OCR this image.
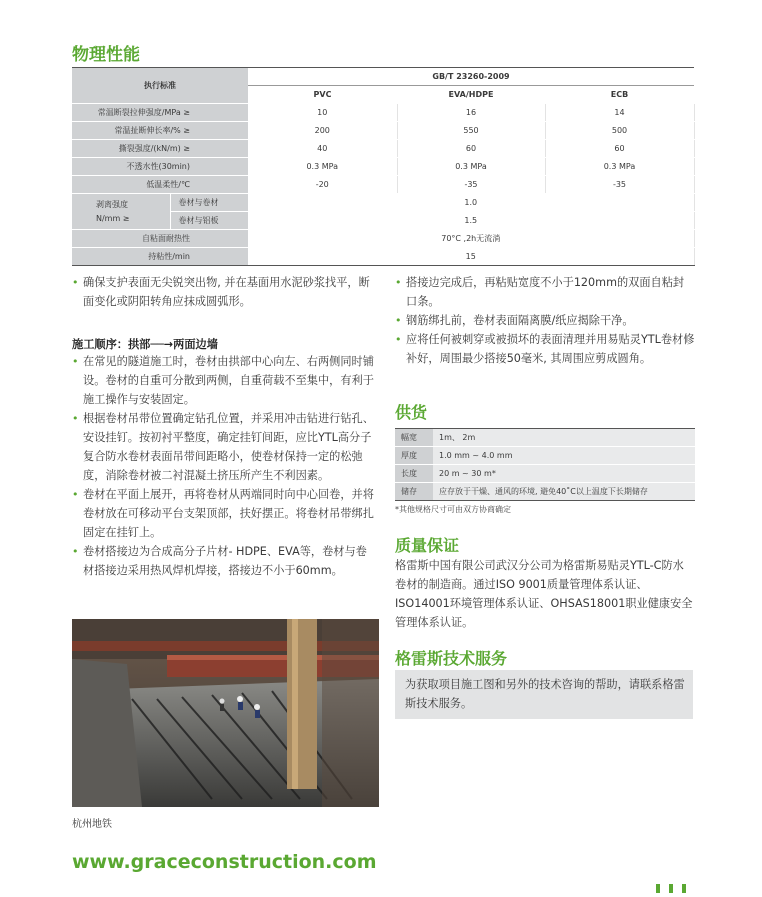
物理性能
执行标准		GB/T 23260-2009		
		PVC	EVA/HDPE	ECB
常温断裂拉伸强度/MPa ≥		10	16	14
常温扯断伸长率/% ≥		200	550	500
撕裂强度/(kN/m) ≥		40	60	60
不透水性(30min)		0.3 MPa	0.3 MPa	0.3 MPa
低温柔性/℃		-20	-35	-35

剥离强度
N/mm ≥	卷材与卷材	1.0		
	卷材与铝板	1.5		
自粘面耐热性		70°C ,2h无流淌		
持粘性/min		15		
• 确保支护表面无尖锐突出物, 并在基面用水泥砂浆找平，断面变化或阴阳转角应抹成圆弧形。
施工顺序：拱部──→两面边墙
• 在常见的隧道施工时，卷材由拱部中心向左、右两侧同时铺设。卷材的自重可分散到两侧，自重荷载不至集中，有利于施工操作与安装固定。
• 根据卷材吊带位置确定钻孔位置，并采用冲击钻进行钻孔、安设挂钉。按初衬平整度，确定挂钉间距，应比YTL高分子复合防水卷材表面吊带间距略小，使卷材保持一定的松弛度，消除卷材被二衬混凝土挤压所产生不利因素。
• 卷材在平面上展开，再将卷材从两端同时向中心回卷，并将卷材放在可移动平台支架顶部，扶好摆正。将卷材吊带绑扎固定在挂钉上。
• 卷材搭接边为合成高分子片材- HDPE、EVA等，卷材与卷材搭接边采用热风焊机焊接，搭接边不小于60mm。
• 搭接边完成后，再粘贴宽度不小于120mm的双面自粘封口条。
• 钢筋绑扎前，卷材表面隔离膜/纸应揭除干净。
• 应将任何被刺穿或被损坏的表面清理并用易贴灵YTL卷材修补好，周围最少搭接50毫米, 其周围应剪成圆角。
供货
幅宽	1m、 2m
厚度	1.0 mm ~ 4.0 mm
长度	20 m ~ 30 m*
储存	应存放于干燥、通风的环境, 避免40˚C以上温度下长期储存
*其他规格尺寸可由双方协商确定
质量保证
格雷斯中国有限公司武汉分公司为格雷斯易贴灵YTL-C防水卷材的制造商。通过ISO 9001质量管理体系认证、ISO14001环境管理体系认证、OHSAS18001职业健康安全管理体系认证。
格雷斯技术服务
为获取项目施工图和另外的技术咨询的帮助，请联系格雷斯技术服务。
杭州地铁
www.graceconstruction.com
